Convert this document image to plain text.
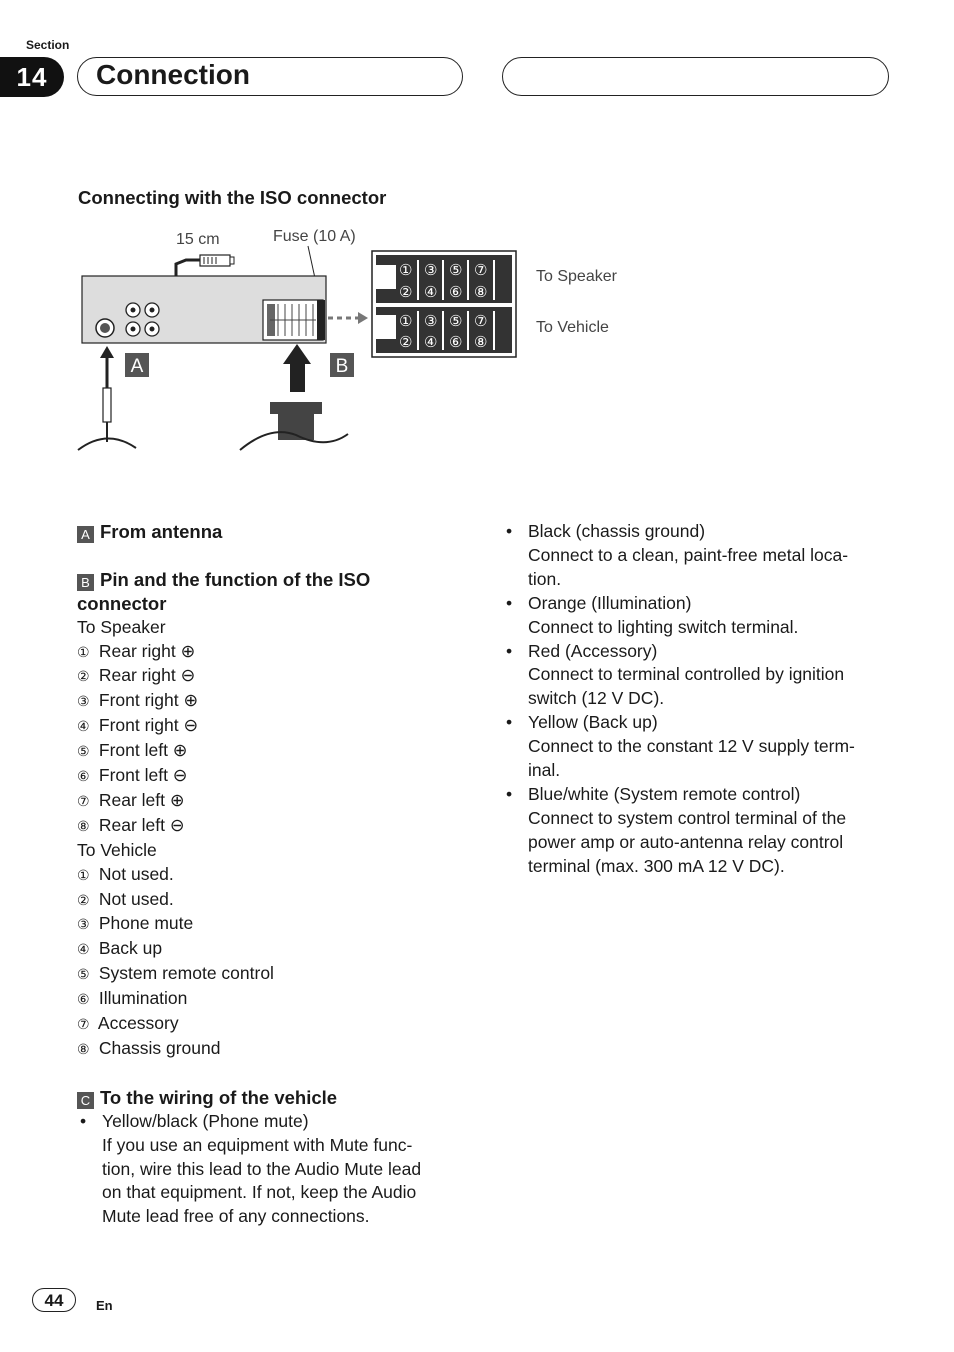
Section
14	Connection
Connecting with the ISO connector
15 cm	Fuse (10 A)
① ③ ⑤ ⑦
② ④ ⑥ ⑧
① ③ ⑤ ⑦
② ④ ⑥ ⑧
To Speaker
To Vehicle
A	B
A From antenna
B Pin and the function of the ISO
connector
To Speaker
① Rear right ⊕
② Rear right ⊖
③ Front right ⊕
④ Front right ⊖
⑤ Front left ⊕
⑥ Front left ⊖
⑦ Rear left ⊕
⑧ Rear left ⊖
To Vehicle
① Not used.
② Not used.
③ Phone mute
④ Back up
⑤ System remote control
⑥ Illumination
⑦ Accessory
⑧ Chassis ground
C To the wiring of the vehicle
• Yellow/black (Phone mute)
If you use an equipment with Mute func-
tion, wire this lead to the Audio Mute lead
on that equipment. If not, keep the Audio
Mute lead free of any connections.
• Black (chassis ground)
Connect to a clean, paint-free metal loca-
tion.
• Orange (Illumination)
Connect to lighting switch terminal.
• Red (Accessory)
Connect to terminal controlled by ignition
switch (12 V DC).
• Yellow (Back up)
Connect to the constant 12 V supply term-
inal.
• Blue/white (System remote control)
Connect to system control terminal of the
power amp or auto-antenna relay control
terminal (max. 300 mA 12 V DC).
44	En
